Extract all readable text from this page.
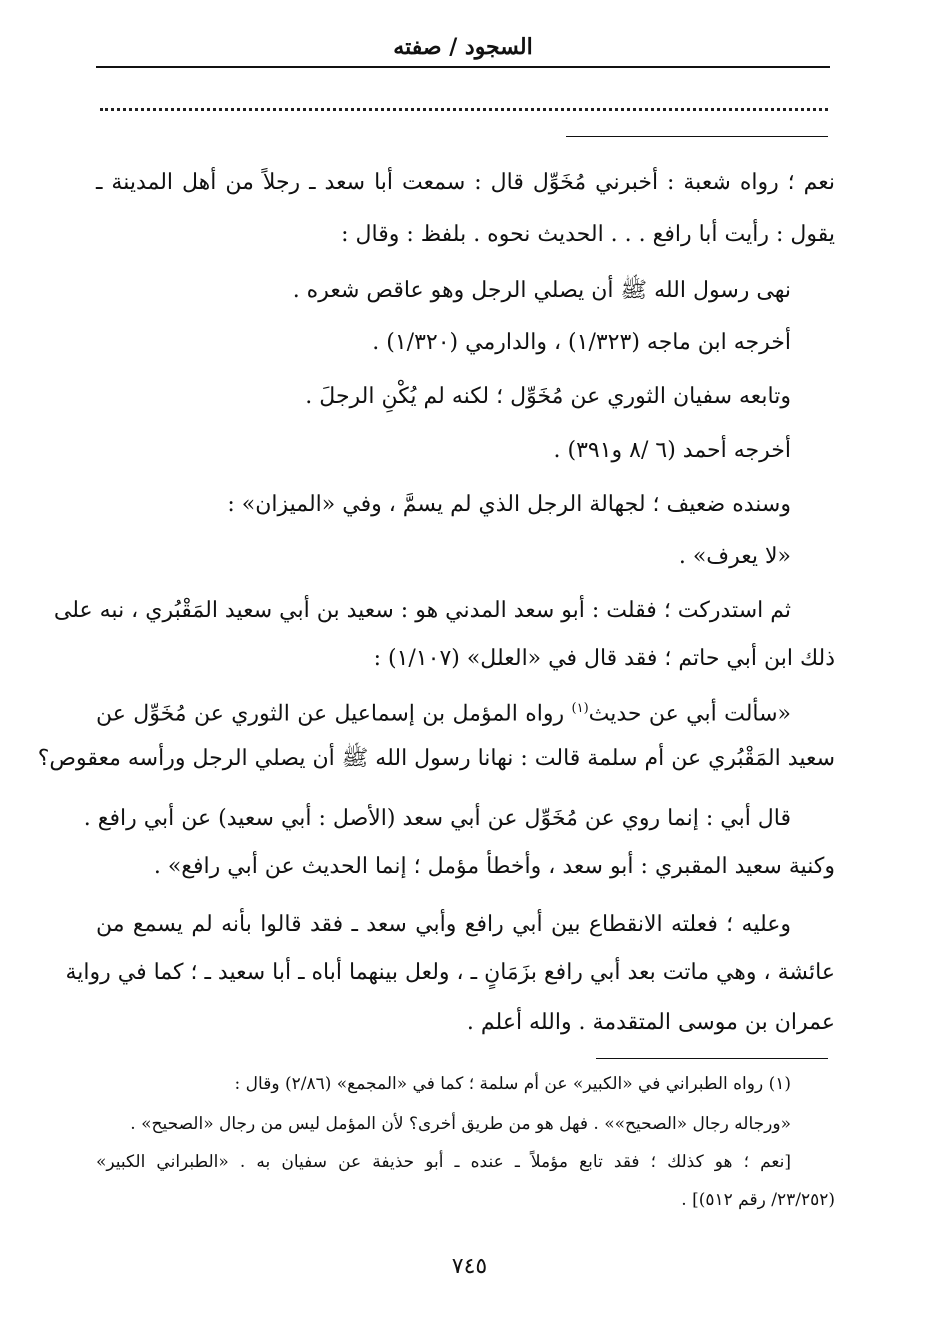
السجود / صفته
نعم ؛ رواه شعبة : أخبرني مُخَوِّل قال : سمعت أبا سعد ـ رجلاً من أهل المدينة ـ
يقول : رأيت أبا رافع . . . الحديث نحوه . بلفظ : وقال :
نهى رسول الله ﷺ أن يصلي الرجل وهو عاقص شعره .
أخرجه ابن ماجه (١/٣٢٣) ، والدارمي (١/٣٢٠) .
وتابعه سفيان الثوري عن مُخَوِّل ؛ لكنه لم يُكْنِ الرجلَ .
أخرجه أحمد (٦ /٨ و٣٩١) .
وسنده ضعيف ؛ لجهالة الرجل الذي لم يسمَّ ، وفي «الميزان» :
«لا يعرف» .
ثم استدركت ؛ فقلت : أبو سعد المدني هو : سعيد بن أبي سعيد المَقْبُري ، نبه على
ذلك ابن أبي حاتم ؛ فقد قال في «العلل» (١/١٠٧) :
«سألت أبي عن حديث$^{(١)}$ رواه المؤمل بن إسماعيل عن الثوري عن مُخَوِّل عن
سعيد المَقْبُري عن أم سلمة قالت : نهانا رسول الله ﷺ أن يصلي الرجل ورأسه معقوص؟
قال أبي : إنما روي عن مُخَوِّل عن أبي سعد (الأصل : أبي سعيد) عن أبي رافع .
وكنية سعيد المقبري : أبو سعد ، وأخطأ مؤمل ؛ إنما الحديث عن أبي رافع» .
وعليه ؛ فعلته الانقطاع بين أبي رافع وأبي سعد ـ فقد قالوا بأنه لم يسمع من
عائشة ، وهي ماتت بعد أبي رافع بزَمَانٍ ـ ، ولعل بينهما أباه ـ أبا سعيد ـ ؛ كما في رواية
عمران بن موسى المتقدمة . والله أعلم .
(١) رواه الطبراني في «الكبير» عن أم سلمة ؛ كما في «المجمع» (٢/٨٦) وقال :
«ورجاله رجال «الصحيح»» . فهل هو من طريق أخرى؟ لأن المؤمل ليس من رجال «الصحيح» .
[نعم ؛ هو كذلك ؛ فقد تابع مؤملاً ـ عنده ـ أبو حذيفة عن سفيان به . «الطبراني الكبير»
(٢٣/٢٥٢/ رقم ٥١٢)] .
٧٤٥
